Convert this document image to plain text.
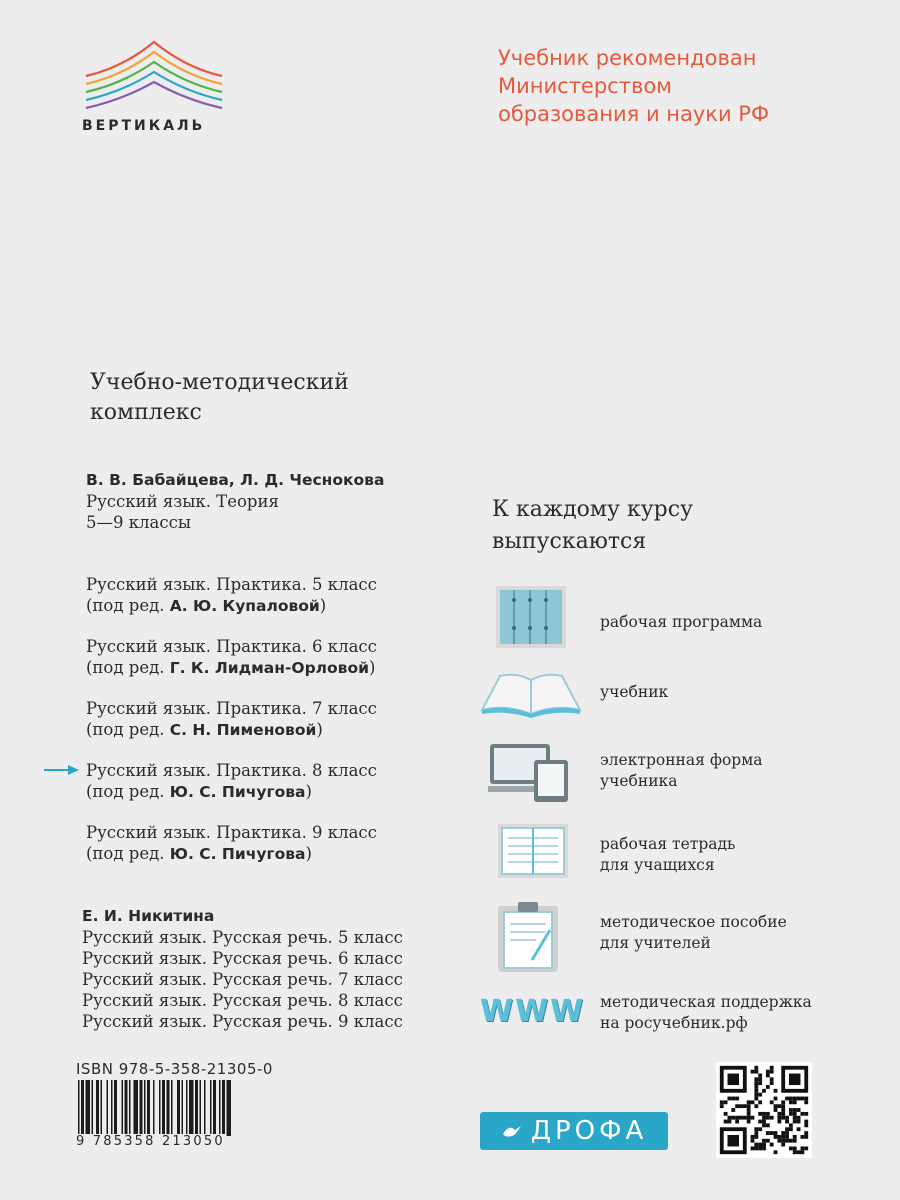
ВЕРТИКАЛЬ
Учебник рекомендован
Министерством
образования и науки РФ
Учебно-методический
комплекс
В. В. Бабайцева, Л. Д. Чеснокова
Русский язык. Теория
5—9 классы
Русский язык. Практика. 5 класс
(под ред. А. Ю. Купаловой)
Русский язык. Практика. 6 класс
(под ред. Г. К. Лидман-Орловой)
Русский язык. Практика. 7 класс
(под ред. С. Н. Пименовой)
Русский язык. Практика. 8 класс
(под ред. Ю. С. Пичугова)
Русский язык. Практика. 9 класс
(под ред. Ю. С. Пичугова)
Е. И. Никитина
Русский язык. Русская речь. 5 класс
Русский язык. Русская речь. 6 класс
Русский язык. Русская речь. 7 класс
Русский язык. Русская речь. 8 класс
Русский язык. Русская речь. 9 класс
К каждому курсу
выпускаются
WWW
рабочая программа
учебник
электронная форма
учебника
рабочая тетрадь
для учащихся
методическое пособие
для учителей
методическая поддержка
на росучебник.рф
ISBN 978-5-358-21305-0
9 785358 213050	ДРОФА
